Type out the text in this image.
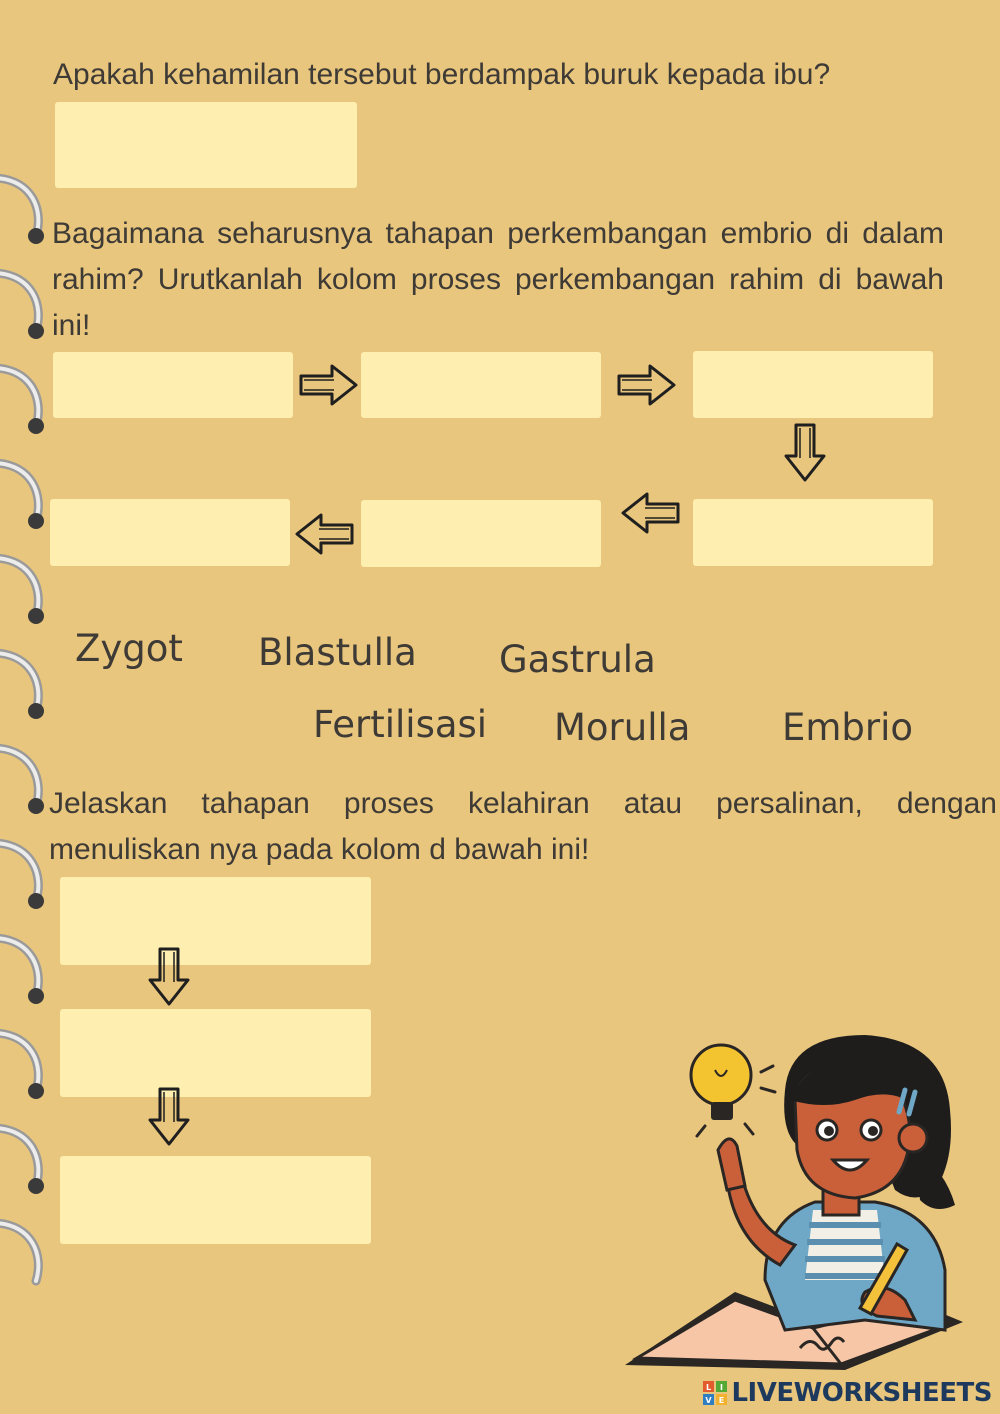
Apakah kehamilan tersebut berdampak buruk kepada ibu?
Bagaimana seharusnya tahapan perkembangan embrio di dalam rahim? Urutkanlah kolom proses perkembangan rahim di bawah ini!
Zygot Blastulla Gastrula
Fertilisasi Morulla Embrio
Jelaskan tahapan proses kelahiran atau persalinan, dengan menuliskan nya pada kolom d bawah ini!
L I
V E LIVEWORKSHEETS
